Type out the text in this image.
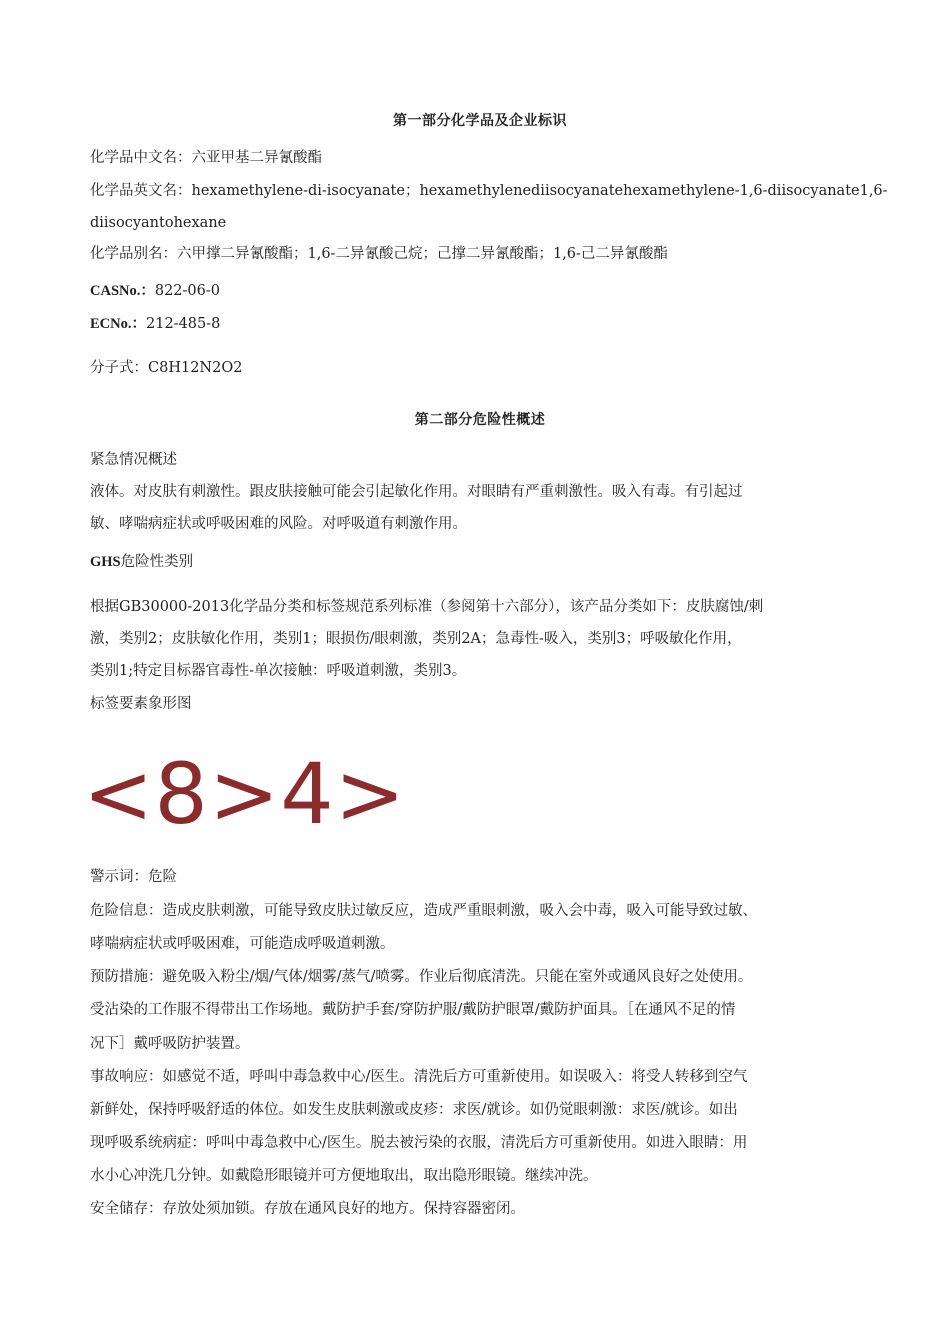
第一部分化学品及企业标识
化学品中文名：六亚甲基二异氰酸酯
化 学 品 英 文 名 ： hexamethylene-di-isocyanate ； hexamethylenediisocyanatehexamethylene-1,6-diisocyanate1,6-
diisocyantohexane
化学品别名：六甲撑二异氰酸酯；1,6-二异氰酸己烷；己撑二异氰酸酯；1,6-己二异氰酸酯
CASNo.：822-06-0
ECNo.：212-485-8
分子式：C8H12N2O2
第二部分危险性概述
紧急情况概述
液体。对皮肤有刺激性。跟皮肤接触可能会引起敏化作用。对眼睛有严重刺激性。吸入有毒。有引起过
敏、哮喘病症状或呼吸困难的风险。对呼吸道有刺激作用。
GHS危险性类别
根据GB30000-2013化学品分类和标签规范系列标准（参阅第十六部分），该产品分类如下：皮肤腐蚀/刺
激，类别2；皮肤敏化作用，类别1；眼损伤/眼刺激，类别2A；急毒性-吸入，类别3；呼吸敏化作用，
类别1;特定目标器官毒性-单次接触：呼吸道刺激，类别3。
标签要素象形图
<8>4>
警示词：危险
危险信息：造成皮肤刺激，可能导致皮肤过敏反应，造成严重眼刺激，吸入会中毒，吸入可能导致过敏、
哮喘病症状或呼吸困难，可能造成呼吸道刺激。
预防措施：避免吸入粉尘/烟/气体/烟雾/蒸气/喷雾。作业后彻底清洗。只能在室外或通风良好之处使用。
受沾染的工作服不得带出工作场地。戴防护手套/穿防护服/戴防护眼罩/戴防护面具。［在通风不足的情
况下］戴呼吸防护装置。
事故响应：如感觉不适，呼叫中毒急救中心/医生。清洗后方可重新使用。如误吸入：将受人转移到空气
新鲜处，保持呼吸舒适的体位。如发生皮肤刺激或皮疹：求医/就诊。如仍觉眼刺激：求医/就诊。如出
现呼吸系统病症：呼叫中毒急救中心/医生。脱去被污染的衣服，清洗后方可重新使用。如进入眼睛：用
水小心冲洗几分钟。如戴隐形眼镜并可方便地取出，取出隐形眼镜。继续冲洗。
安全储存：存放处须加锁。存放在通风良好的地方。保持容器密闭。
